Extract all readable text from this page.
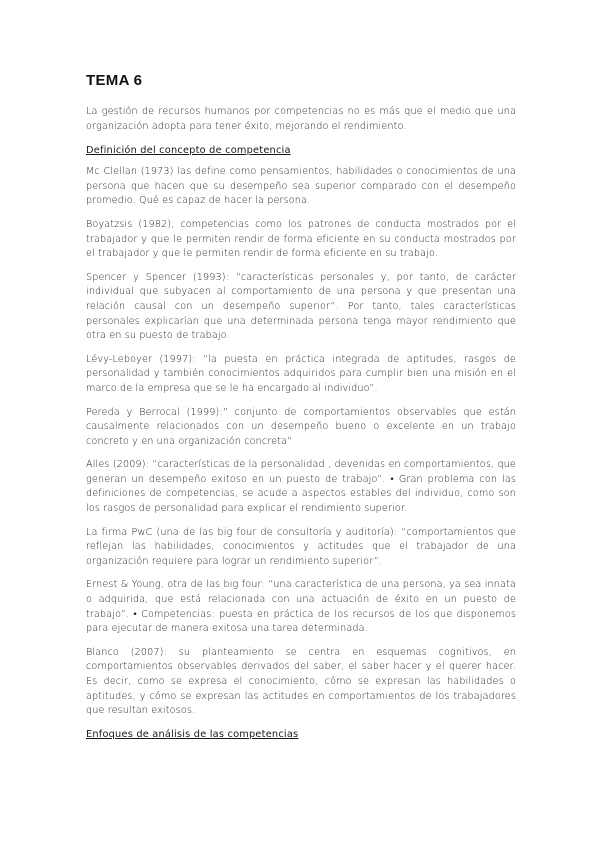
TEMA 6

La gestión de recursos humanos por competencias no es más que el medio que una organización adopta para tener éxito, mejorando el rendimiento.

Definición del concepto de competencia

Mc Clellan (1973) las define como pensamientos, habilidades o conocimientos de una persona que hacen que su desempeño sea superior comparado con el desempeño promedio. Qué es capaz de hacer la persona.

Boyatzsis (1982), competencias como los patrones de conducta mostrados por el trabajador y que le permiten rendir de forma eficiente en su conducta mostrados por el trabajador y que le permiten rendir de forma eficiente en su trabajo.

Spencer y Spencer (1993): “características personales y, por tanto, de carácter individual que subyacen al comportamiento de una persona y que presentan una relación causal con un desempeño superior”. Por tanto, tales características personales explicarían que una determinada persona tenga mayor rendimiento que otra en su puesto de trabajo.

Lévy-Leboyer (1997): “la puesta en práctica integrada de aptitudes, rasgos de personalidad y también conocimientos adquiridos para cumplir bien una misión en el marco de la empresa que se le ha encargado al individuo”.

Pereda y Berrocal (1999):” conjunto de comportamientos observables que están causalmente relacionados con un desempeño bueno o excelente en un trabajo concreto y en una organización concreta”

Alles (2009): “características de la personalidad , devenidas en comportamientos, que generan un desempeño exitoso en un puesto de trabajo”. • Gran problema con las definiciones de competencias, se acude a aspectos estables del individuo, como son los rasgos de personalidad para explicar el rendimiento superior.

La firma PwC (una de las big four de consultoría y auditoría): “comportamientos que reflejan las habilidades, conocimientos y actitudes que el trabajador de una organización requiere para lograr un rendimiento superior”.

Ernest & Young, otra de las big four: “una característica de una persona, ya sea innata o adquirida, que está relacionada con una actuación de éxito en un puesto de trabajo”. • Competencias: puesta en práctica de los recursos de los que disponemos para ejecutar de manera exitosa una tarea determinada.

Blanco (2007): su planteamiento se centra en esquemas cognitivos, en comportamientos observables derivados del saber, el saber hacer y el querer hacer. Es decir, como se expresa el conocimiento, cómo se expresan las habilidades o aptitudes, y cómo se expresan las actitudes en comportamientos de los trabajadores que resultan exitosos.

Enfoques de análisis de las competencias
